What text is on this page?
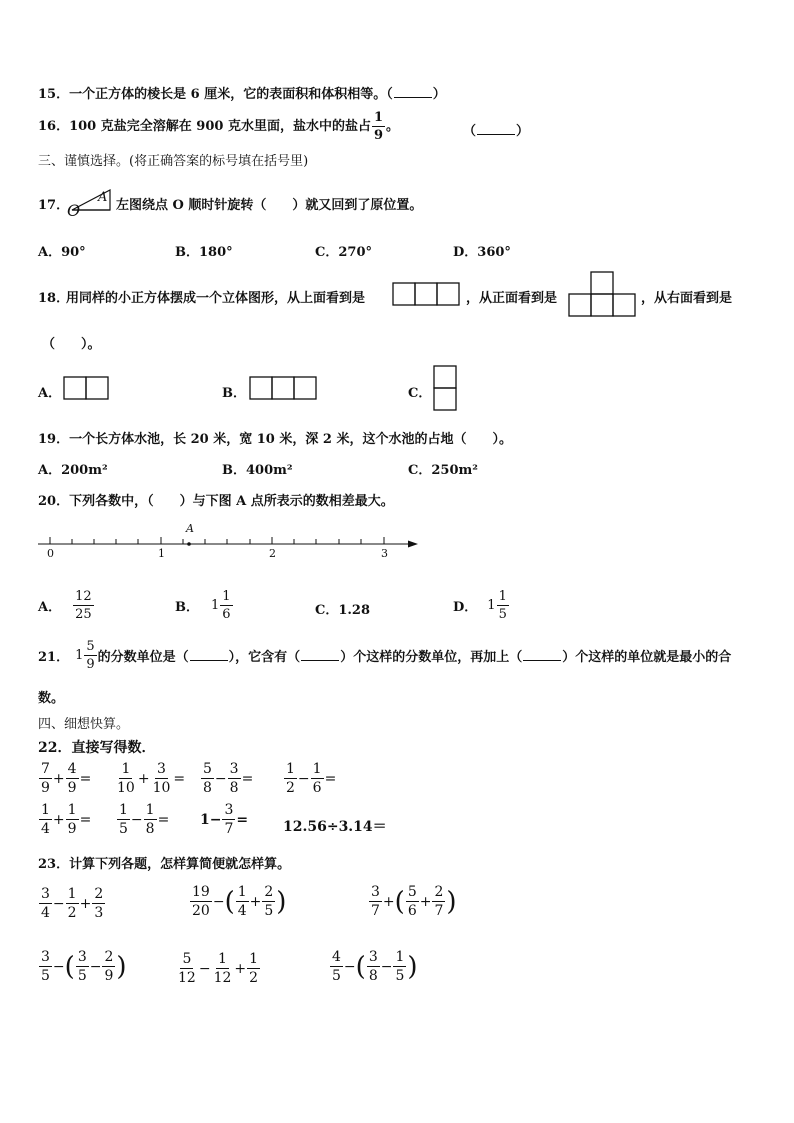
15．一个正方体的棱长是 6 厘米，它的表面积和体积相等。（	）
16．100 克盐完全溶解在 900 克水里面，盐水中的盐占 $\frac{1}{9}$ 。	（	）
三、谨慎选择。(将正确答案的标号填在括号里)
17．
O
A
左图绕点 O 顺时针旋转（　　）就又回到了原位置。
A．90°	B．180°	C．270°	D．360°
18．
用同样的小正方体摆成一个立体图形，从上面看到是	，从正面看到是	，从右面看到是
（　　）。
A．	B．	C．
19．一个长方体水池，长 20 米，宽 10 米，深 2 米，这个水池的占地（　　）。
A．200m²	B．400m²	C．250m²
20．下列各数中，（　　）与下图 A 点所表示的数相差最大。
A
0	1	2	3
A． $\frac{12}{25}$	B． $1 \frac{1}{6}$	C．1.28	D． $1 \frac{1}{5}$
21． $1 \frac{5}{9}$ 的分数单位是（	），它含有（	）个这样的分数单位，再加上（	）个这样的单位就是最小的合
数。
四、细想快算。
22．直接写得数．
$\frac{7}{9} + \frac{4}{9} = \frac{1}{10} + \frac{3}{10} = \frac{5}{8} - \frac{3}{8} = \frac{1}{2} - \frac{1}{6}$ =
$\frac{1}{4} + \frac{1}{9} = \frac{1}{5} - \frac{1}{8} = 1- \frac{3}{7} = 12.56\div 3.14=$
23．计算下列各题，怎样算简便就怎样算。
$\frac{3}{4} - \frac{1}{2} + \frac{2}{3}$	$\frac{19}{20}$ − ( $\frac{1}{4} + \frac{2}{5}$ )	$\frac{3}{7}$ + ( $\frac{5}{6} + \frac{2}{7}$ )
$\frac{3}{5}$ − ( $\frac{3}{5} - \frac{2}{9}$ )	$\frac{5}{12} - \frac{1}{12} + \frac{1}{2}$	$\frac{4}{5}$ − ( $\frac{3}{8} - \frac{1}{5}$ )
